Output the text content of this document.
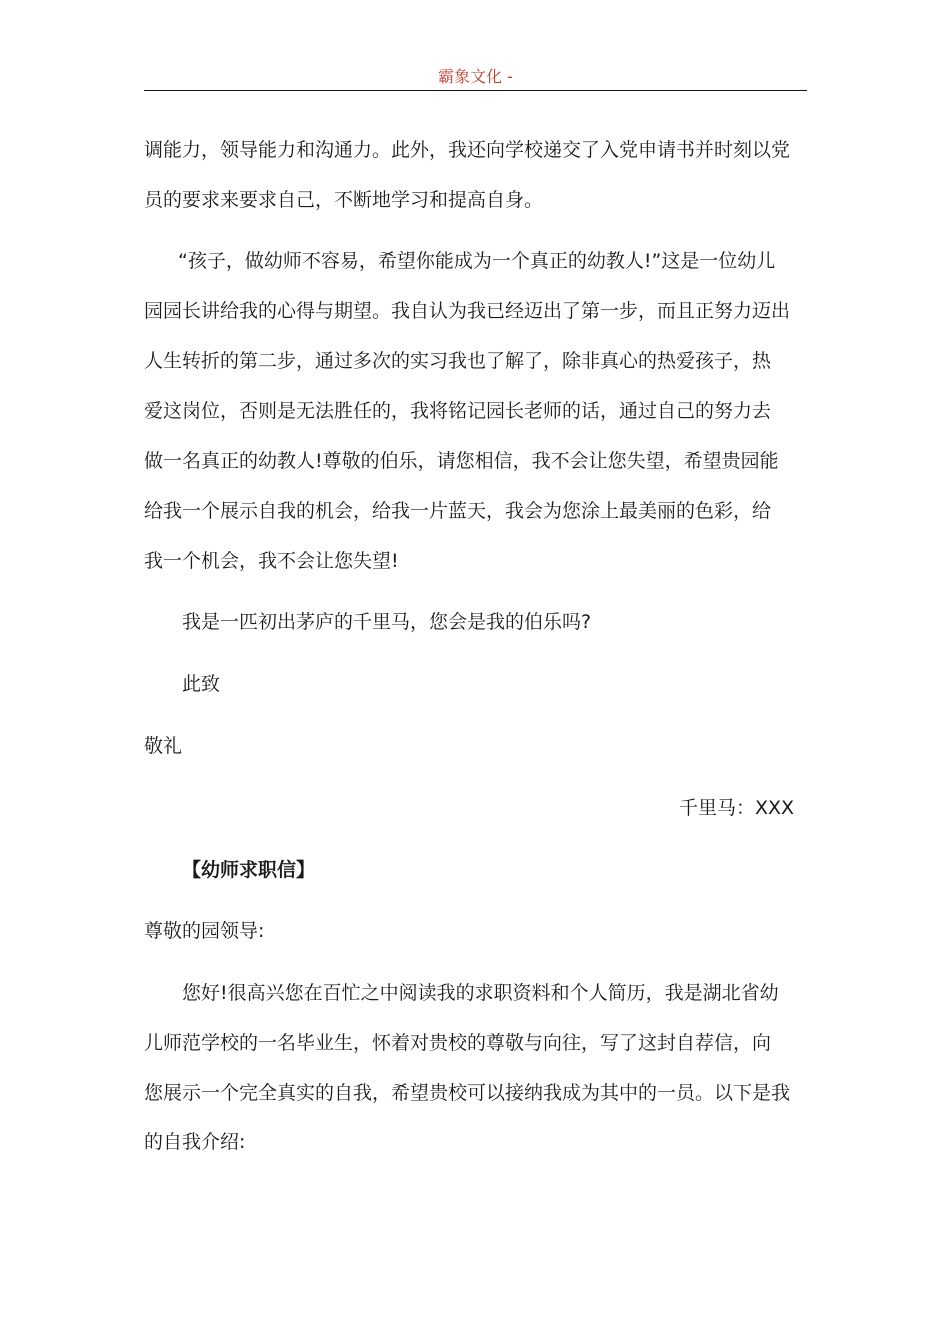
霸象文化 -
调能力，领导能力和沟通力。此外，我还向学校递交了入党申请书并时刻以党
员的要求来要求自己，不断地学习和提高自身。
“孩子，做幼师不容易，希望你能成为一个真正的幼教人!”这是一位幼儿
园园长讲给我的心得与期望。我自认为我已经迈出了第一步，而且正努力迈出
人生转折的第二步，通过多次的实习我也了解了，除非真心的热爱孩子，热
爱这岗位，否则是无法胜任的，我将铭记园长老师的话，通过自己的努力去
做一名真正的幼教人!尊敬的伯乐，请您相信，我不会让您失望，希望贵园能
给我一个展示自我的机会，给我一片蓝天，我会为您涂上最美丽的色彩，给
我一个机会，我不会让您失望!
我是一匹初出茅庐的千里马，您会是我的伯乐吗?
此致
敬礼
千里马：XXX
【幼师求职信】
尊敬的园领导:
您好!很高兴您在百忙之中阅读我的求职资料和个人简历，我是湖北省幼
儿师范学校的一名毕业生，怀着对贵校的尊敬与向往，写了这封自荐信，向
您展示一个完全真实的自我，希望贵校可以接纳我成为其中的一员。以下是我
的自我介绍:
